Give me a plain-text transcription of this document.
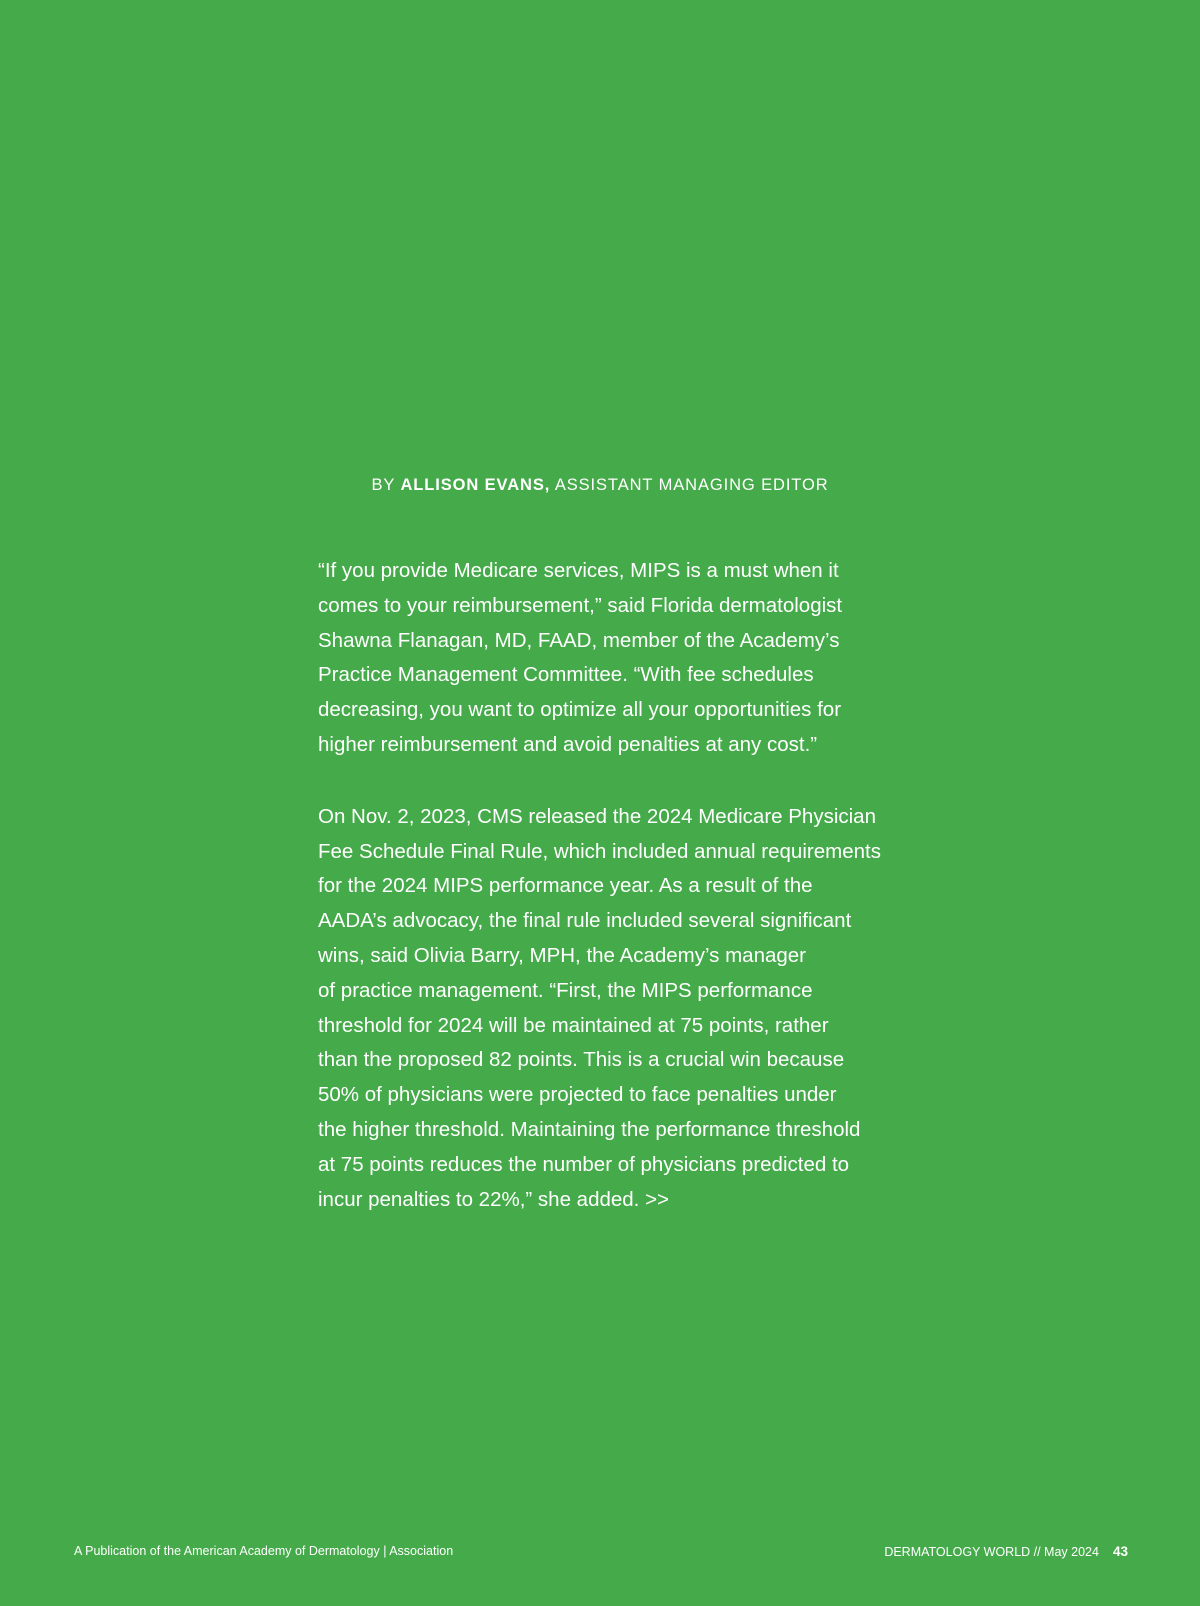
BY ALLISON EVANS, ASSISTANT MANAGING EDITOR

“If you provide Medicare services, MIPS is a must when it
comes to your reimbursement,” said Florida dermatologist
Shawna Flanagan, MD, FAAD, member of the Academy’s
Practice Management Committee. “With fee schedules
decreasing, you want to optimize all your opportunities for
higher reimbursement and avoid penalties at any cost.”

On Nov. 2, 2023, CMS released the 2024 Medicare Physician
Fee Schedule Final Rule, which included annual requirements
for the 2024 MIPS performance year. As a result of the
AADA’s advocacy, the final rule included several significant
wins, said Olivia Barry, MPH, the Academy’s manager
of practice management. “First, the MIPS performance
threshold for 2024 will be maintained at 75 points, rather
than the proposed 82 points. This is a crucial win because
50% of physicians were projected to face penalties under
the higher threshold. Maintaining the performance threshold
at 75 points reduces the number of physicians predicted to
incur penalties to 22%,” she added. >>

A Publication of the American Academy of Dermatology | Association	DERMATOLOGY WORLD // May 2024 43
